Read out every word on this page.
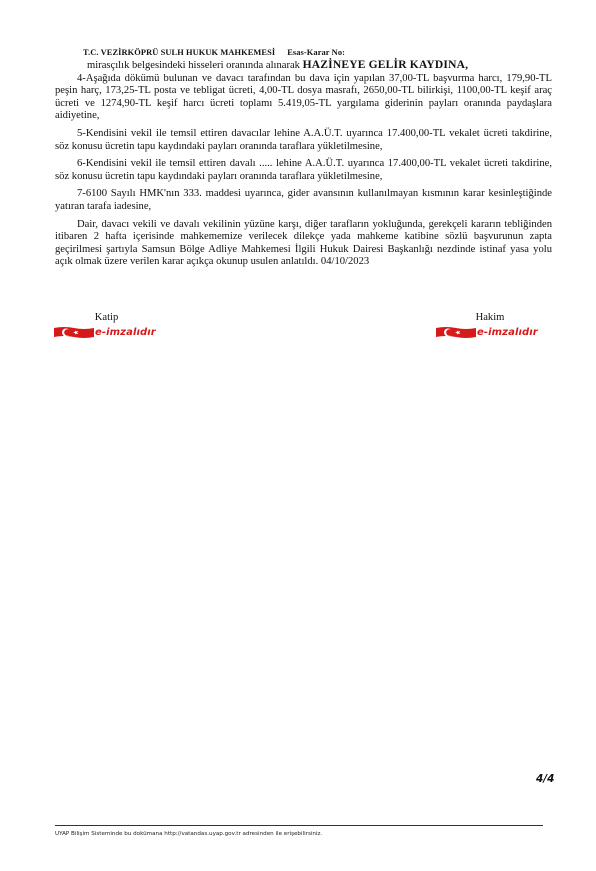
T.C. VEZİRKÖPRÜ SULH HUKUK MAHKEMESİ Esas-Karar No:

mirasçılık belgesindeki hisseleri oranında alınarak HAZİNEYE GELİR KAYDINA,

4-Aşağıda dökümü bulunan ve davacı tarafından bu dava için yapılan 37,00-TL başvurma harcı, 179,90-TL peşin harç, 173,25-TL posta ve tebligat ücreti, 4,00-TL dosya masrafı, 2650,00-TL bilirkişi, 1100,00-TL keşif araç ücreti ve 1274,90-TL keşif harcı ücreti toplamı 5.419,05-TL yargılama giderinin payları oranında paydaşlara aidiyetine,

5-Kendisini vekil ile temsil ettiren davacılar lehine A.A.Ü.T. uyarınca 17.400,00-TL vekalet ücreti takdirine, söz konusu ücretin tapu kaydındaki payları oranında taraflara yükletilmesine,

6-Kendisini vekil ile temsil ettiren davalı ..... lehine A.A.Ü.T. uyarınca 17.400,00-TL vekalet ücreti takdirine, söz konusu ücretin tapu kaydındaki payları oranında taraflara yükletilmesine,

7-6100 Sayılı HMK'nın 333. maddesi uyarınca, gider avansının kullanılmayan kısmının karar kesinleştiğinde yatıran tarafa iadesine,

Dair, davacı vekili ve davalı vekilinin yüzüne karşı, diğer tarafların yokluğunda, gerekçeli kararın tebliğinden itibaren 2 hafta içerisinde mahkememize verilecek dilekçe yada mahkeme katibine sözlü başvurunun zapta geçirilmesi şartıyla Samsun Bölge Adliye Mahkemesi İlgili Hukuk Dairesi Başkanlığı nezdinde istinaf yasa yolu açık olmak üzere verilen karar açıkça okunup usulen anlatıldı. 04/10/2023

Katip
e-imzalıdır
Hakim
e-imzalıdır
4/4
UYAP Bilişim Sisteminde bu dokümana http://vatandas.uyap.gov.tr adresinden ile erişebilirsiniz.
